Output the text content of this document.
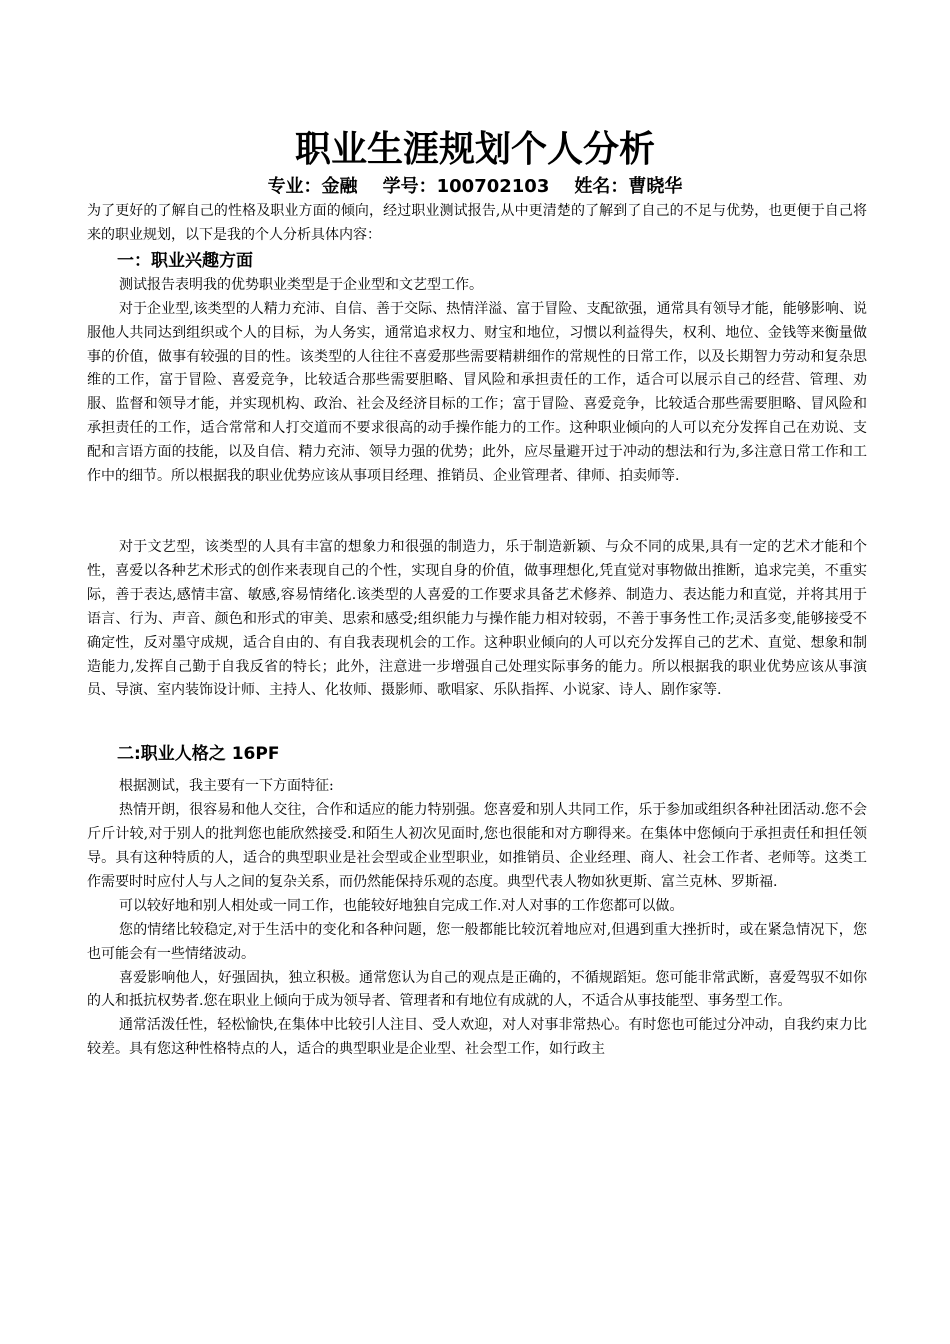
职业生涯规划个人分析
专业：金融    学号：100702103    姓名：曹晓华

为了更好的了解自己的性格及职业方面的倾向，经过职业测试报告,从中更清楚的了解到了自己的不足与优势，也更便于自己将来的职业规划，以下是我的个人分析具体内容：

一：职业兴趣方面

测试报告表明我的优势职业类型是于企业型和文艺型工作。

对于企业型,该类型的人精力充沛、自信、善于交际、热情洋溢、富于冒险、支配欲强，通常具有领导才能，能够影响、说服他人共同达到组织或个人的目标，为人务实，通常追求权力、财宝和地位，习惯以利益得失，权利、地位、金钱等来衡量做事的价值，做事有较强的目的性。该类型的人往往不喜爱那些需要精耕细作的常规性的日常工作，以及长期智力劳动和复杂思维的工作，富于冒险、喜爱竞争，比较适合那些需要胆略、冒风险和承担责任的工作，适合可以展示自己的经营、管理、劝服、监督和领导才能，并实现机构、政治、社会及经济目标的工作；富于冒险、喜爱竞争，比较适合那些需要胆略、冒风险和承担责任的工作，适合常常和人打交道而不要求很高的动手操作能力的工作。这种职业倾向的人可以充分发挥自己在劝说、支配和言语方面的技能，以及自信、精力充沛、领导力强的优势；此外，应尽量避开过于冲动的想法和行为,多注意日常工作和工作中的细节。所以根据我的职业优势应该从事项目经理、推销员、企业管理者、律师、拍卖师等.

对于文艺型，该类型的人具有丰富的想象力和很强的制造力，乐于制造新颖、与众不同的成果,具有一定的艺术才能和个性，喜爱以各种艺术形式的创作来表现自己的个性，实现自身的价值，做事理想化,凭直觉对事物做出推断，追求完美，不重实际，善于表达,感情丰富、敏感,容易情绪化.该类型的人喜爱的工作要求具备艺术修养、制造力、表达能力和直觉，并将其用于语言、行为、声音、颜色和形式的审美、思索和感受;组织能力与操作能力相对较弱，不善于事务性工作;灵活多变,能够接受不确定性，反对墨守成规，适合自由的、有自我表现机会的工作。这种职业倾向的人可以充分发挥自己的艺术、直觉、想象和制造能力,发挥自己勤于自我反省的特长；此外，注意进一步增强自己处理实际事务的能力。所以根据我的职业优势应该从事演员、导演、室内装饰设计师、主持人、化妆师、摄影师、歌唱家、乐队指挥、小说家、诗人、剧作家等.

二:职业人格之 16PF

根据测试，我主要有一下方面特征:

热情开朗，很容易和他人交往，合作和适应的能力特别强。您喜爱和别人共同工作，乐于参加或组织各种社团活动.您不会斤斤计较,对于别人的批判您也能欣然接受.和陌生人初次见面时,您也很能和对方聊得来。在集体中您倾向于承担责任和担任领导。具有这种特质的人，适合的典型职业是社会型或企业型职业，如推销员、企业经理、商人、社会工作者、老师等。这类工作需要时时应付人与人之间的复杂关系，而仍然能保持乐观的态度。典型代表人物如狄更斯、富兰克林、罗斯福.

可以较好地和别人相处或一同工作，也能较好地独自完成工作.对人对事的工作您都可以做。

您的情绪比较稳定,对于生活中的变化和各种问题，您一般都能比较沉着地应对,但遇到重大挫折时，或在紧急情况下，您也可能会有一些情绪波动。

喜爱影响他人，好强固执，独立积极。通常您认为自己的观点是正确的，不循规蹈矩。您可能非常武断，喜爱驾驭不如你的人和抵抗权势者.您在职业上倾向于成为领导者、管理者和有地位有成就的人，不适合从事技能型、事务型工作。

通常活泼任性，轻松愉快,在集体中比较引人注目、受人欢迎，对人对事非常热心。有时您也可能过分冲动，自我约束力比较差。具有您这种性格特点的人，适合的典型职业是企业型、社会型工作，如行政主
